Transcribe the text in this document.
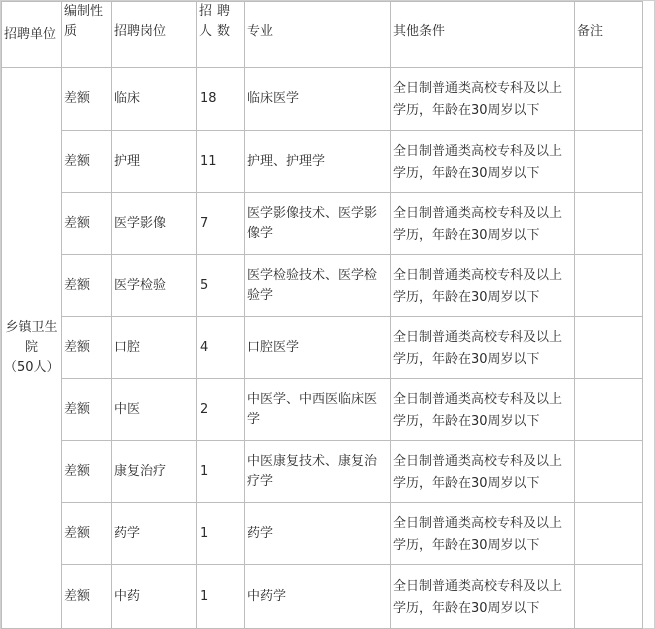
招聘单位	编制性质	招聘岗位	招聘人数	专业	其他条件	备注

乡镇卫生院
（50人）	差额	临床	18	临床医学	全日制普通类高校专科及以上学历，年龄在30周岁以下	
	差额	护理	11	护理、护理学	全日制普通类高校专科及以上学历，年龄在30周岁以下	
	差额	医学影像	7	医学影像技术、医学影像学	全日制普通类高校专科及以上学历，年龄在30周岁以下	
	差额	医学检验	5	医学检验技术、医学检验学	全日制普通类高校专科及以上学历，年龄在30周岁以下	
	差额	口腔	4	口腔医学	全日制普通类高校专科及以上学历，年龄在30周岁以下	
	差额	中医	2	中医学、中西医临床医学	全日制普通类高校专科及以上学历，年龄在30周岁以下	
	差额	康复治疗	1	中医康复技术、康复治疗学	全日制普通类高校专科及以上学历，年龄在30周岁以下	
	差额	药学	1	药学	全日制普通类高校专科及以上学历，年龄在30周岁以下	
	差额	中药	1	中药学	全日制普通类高校专科及以上学历，年龄在30周岁以下	
